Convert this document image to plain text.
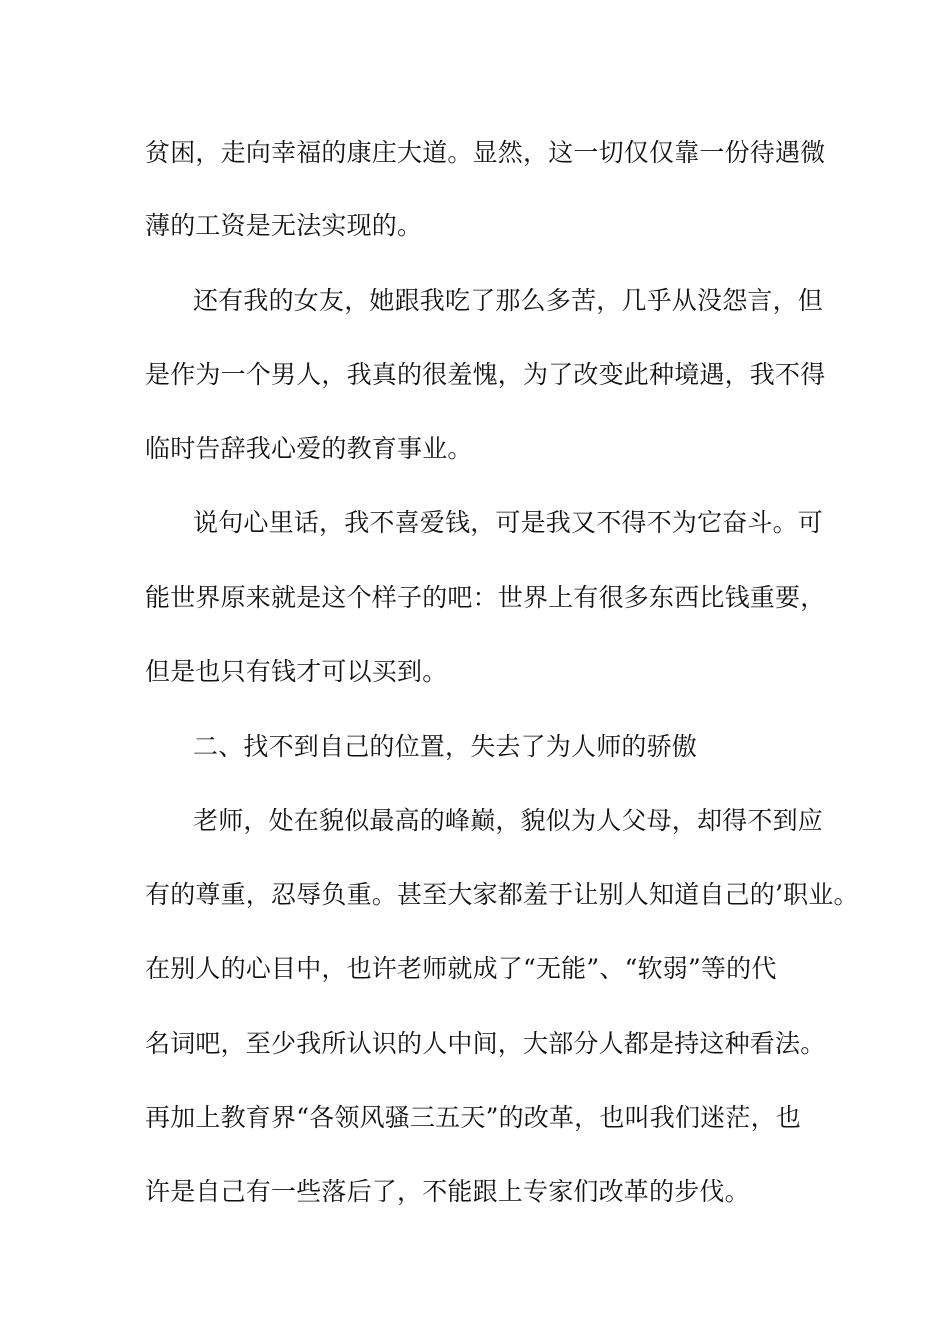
贫困，走向幸福的康庄大道。显然，这一切仅仅靠一份待遇微
薄的工资是无法实现的。
还有我的女友，她跟我吃了那么多苦，几乎从没怨言，但
是作为一个男人，我真的很羞愧，为了改变此种境遇，我不得
临时告辞我心爱的教育事业。
说句心里话，我不喜爱钱，可是我又不得不为它奋斗。可
能世界原来就是这个样子的吧：世界上有很多东西比钱重要，
但是也只有钱才可以买到。
二、找不到自己的位置，失去了为人师的骄傲
老师，处在貌似最高的峰巅，貌似为人父母，却得不到应
有的尊重，忍辱负重。甚至大家都羞于让别人知道自己的’职业。
在别人的心目中，也许老师就成了“无能”、“软弱”等的代
名词吧，至少我所认识的人中间，大部分人都是持这种看法。
再加上教育界“各领风骚三五天”的改革，也叫我们迷茫，也
许是自己有一些落后了，不能跟上专家们改革的步伐。
